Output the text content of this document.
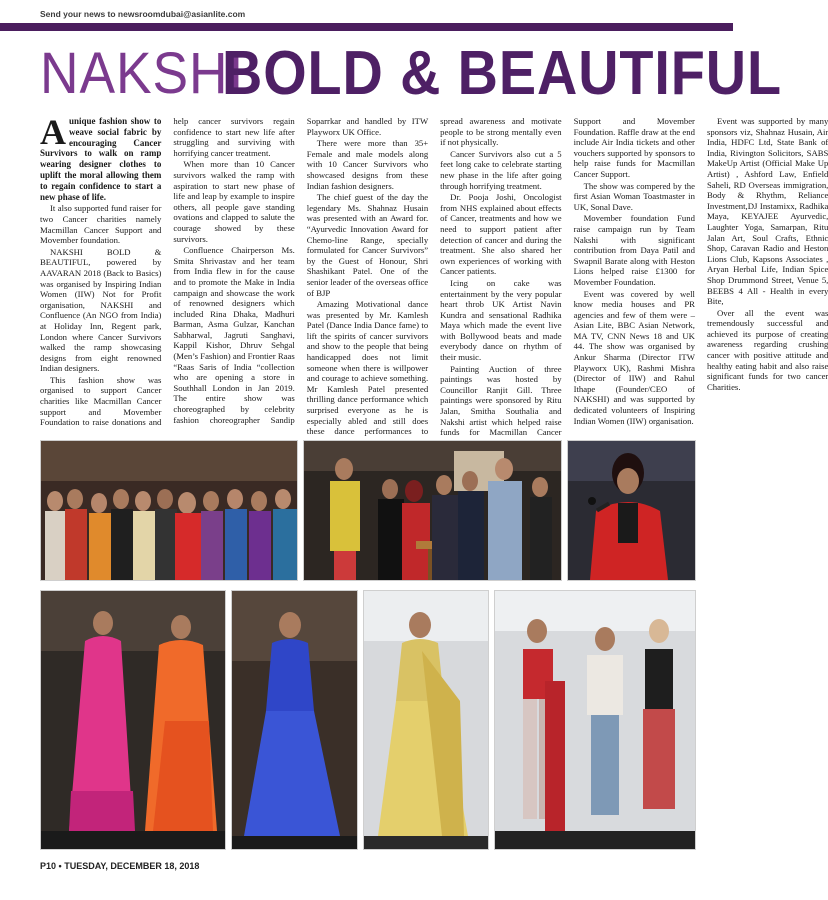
Send your news to newsroomdubai@asianlite.com
NAKSHI
BOLD & BEAUTIFUL

Aunique fashion show to weave social fabric by encouraging Cancer Survivors to walk on ramp wearing designer clothes to uplift the moral allowing them to regain confidence to start a new phase of life.

It also supported fund raiser for two Cancer charities namely Macmillan Cancer Support and Movember foundation.

NAKSHI BOLD & BEAUTIFUL, powered by AAVARAN 2018 (Back to Basics) was organised by Inspiring Indian Women (IIW) Not for Profit organisation, NAKSHI and Confluence (An NGO from India) at Holiday Inn, Regent park, London where Cancer Survivors walked the ramp showcasing designs from eight renowned Indian designers.

This fashion show was organised to support Cancer charities like Macmillan Cancer support and Movember Foundation to raise donations and help cancer survivors regain confidence to start new life after struggling and surviving with horrifying cancer treatment.

When more than 10 Cancer survivors walked the ramp with aspiration to start new phase of life and leap by example to inspire others, all people gave standing ovations and clapped to salute the courage showed by these survivors.

Confluence Chairperson Ms. Smita Shrivastav and her team from India flew in for the cause and to promote the Make in India campaign and showcase the work of renowned designers which included Rina Dhaka, Madhuri Barman, Asma Gulzar, Kanchan Sabharwal, Jagruti Sanghavi, Kappil Kishor, Dhruv Sehgal (Men’s Fashion) and Frontier Raas “Raas Saris of India “collection who are opening a store in Southhall London in Jan 2019. The entire show was choreographed by celebrity fashion choreographer Sandip Soparrkar and handled by ITW Playworx UK Office.

There were more than 35+ Female and male models along with 10 Cancer Survivors who showcased designs from these Indian fashion designers.

The chief guest of the day the legendary Ms. Shahnaz Husain was presented with an Award for. “Ayurvedic Innovation Award for Chemo-line Range, specially formulated for Cancer Survivors” by the Guest of Honour, Shri Shashikant Patel. One of the senior leader of the overseas office of BJP

Amazing Motivational dance was presented by Mr. Kamlesh Patel (Dance India Dance fame) to lift the spirits of cancer survivors and show to the people that being handicapped does not limit someone when there is willpower and courage to achieve something. Mr Kamlesh Patel presented thrilling dance performance which surprised everyone as he is especially abled and still does these dance performances to spread awareness and motivate people to be strong mentally even if not physically.

Cancer Survivors also cut a 5 feet long cake to celebrate starting new phase in the life after going through horrifying treatment.

Dr. Pooja Joshi, Oncologist from NHS explained about effects of Cancer, treatments and how we need to support patient after detection of cancer and during the treatment. She also shared her own experiences of working with Cancer patients.

Icing on cake was entertainment by the very popular heart throb UK Artist Navin Kundra and sensational Radhika Maya which made the event live with Bollywood beats and made everybody dance on rhythm of their music.

Painting Auction of three paintings was hosted by Councillor Ranjit Gill. Three paintings were sponsored by Ritu Jalan, Smitha Southalia and Nakshi artist which helped raise funds for Macmillan Cancer Support and Movember Foundation. Raffle draw at the end include Air India tickets and other vouchers supported by sponsors to help raise funds for Macmillan Cancer Support.

The show was compered by the first Asian Woman Toastmaster in UK, Sonal Dave.

Movember foundation Fund raise campaign run by Team Nakshi with significant contribution from Daya Patil and Swapnil Barate along with Heston Lions helped raise £1300 for Movember Foundation.

Event was covered by well know media houses and PR agencies and few of them were – Asian Lite, BBC Asian Network, MA TV, CNN News 18 and UK 44. The show was organised by Ankur Sharma (Director ITW Playworx UK), Rashmi Mishra (Director of IIW) and Rahul Ithape (Founder/CEO of NAKSHI) and was supported by dedicated volunteers of Inspiring Indian Women (IIW) organisation.

Event was supported by many sponsors viz, Shahnaz Husain, Air India, HDFC Ltd, State Bank of India, Rivington Solicitors, SABS MakeUp Artist (Official Make Up Artist) , Ashford Law, Enfield Saheli, RD Overseas immigration, Body & Rhythm, Reliance Investment,DJ Instamixx, Radhika Maya, KEYAJEE Ayurvedic, Laughter Yoga, Samarpan, Ritu Jalan Art, Soul Crafts, Ethnic Shop, Caravan Radio and Heston Lions Club, Kapsons Associates , Aryan Herbal Life, Indian Spice Shop Drummond Street, Venue 5, BEEBS 4 All - Health in every Bite,

Over all the event was tremendously successful and achieved its purpose of creating awareness regarding crushing cancer with positive attitude and healthy eating habit and also raise significant funds for two cancer Charities.

P10 • TUESDAY, DECEMBER 18, 2018
